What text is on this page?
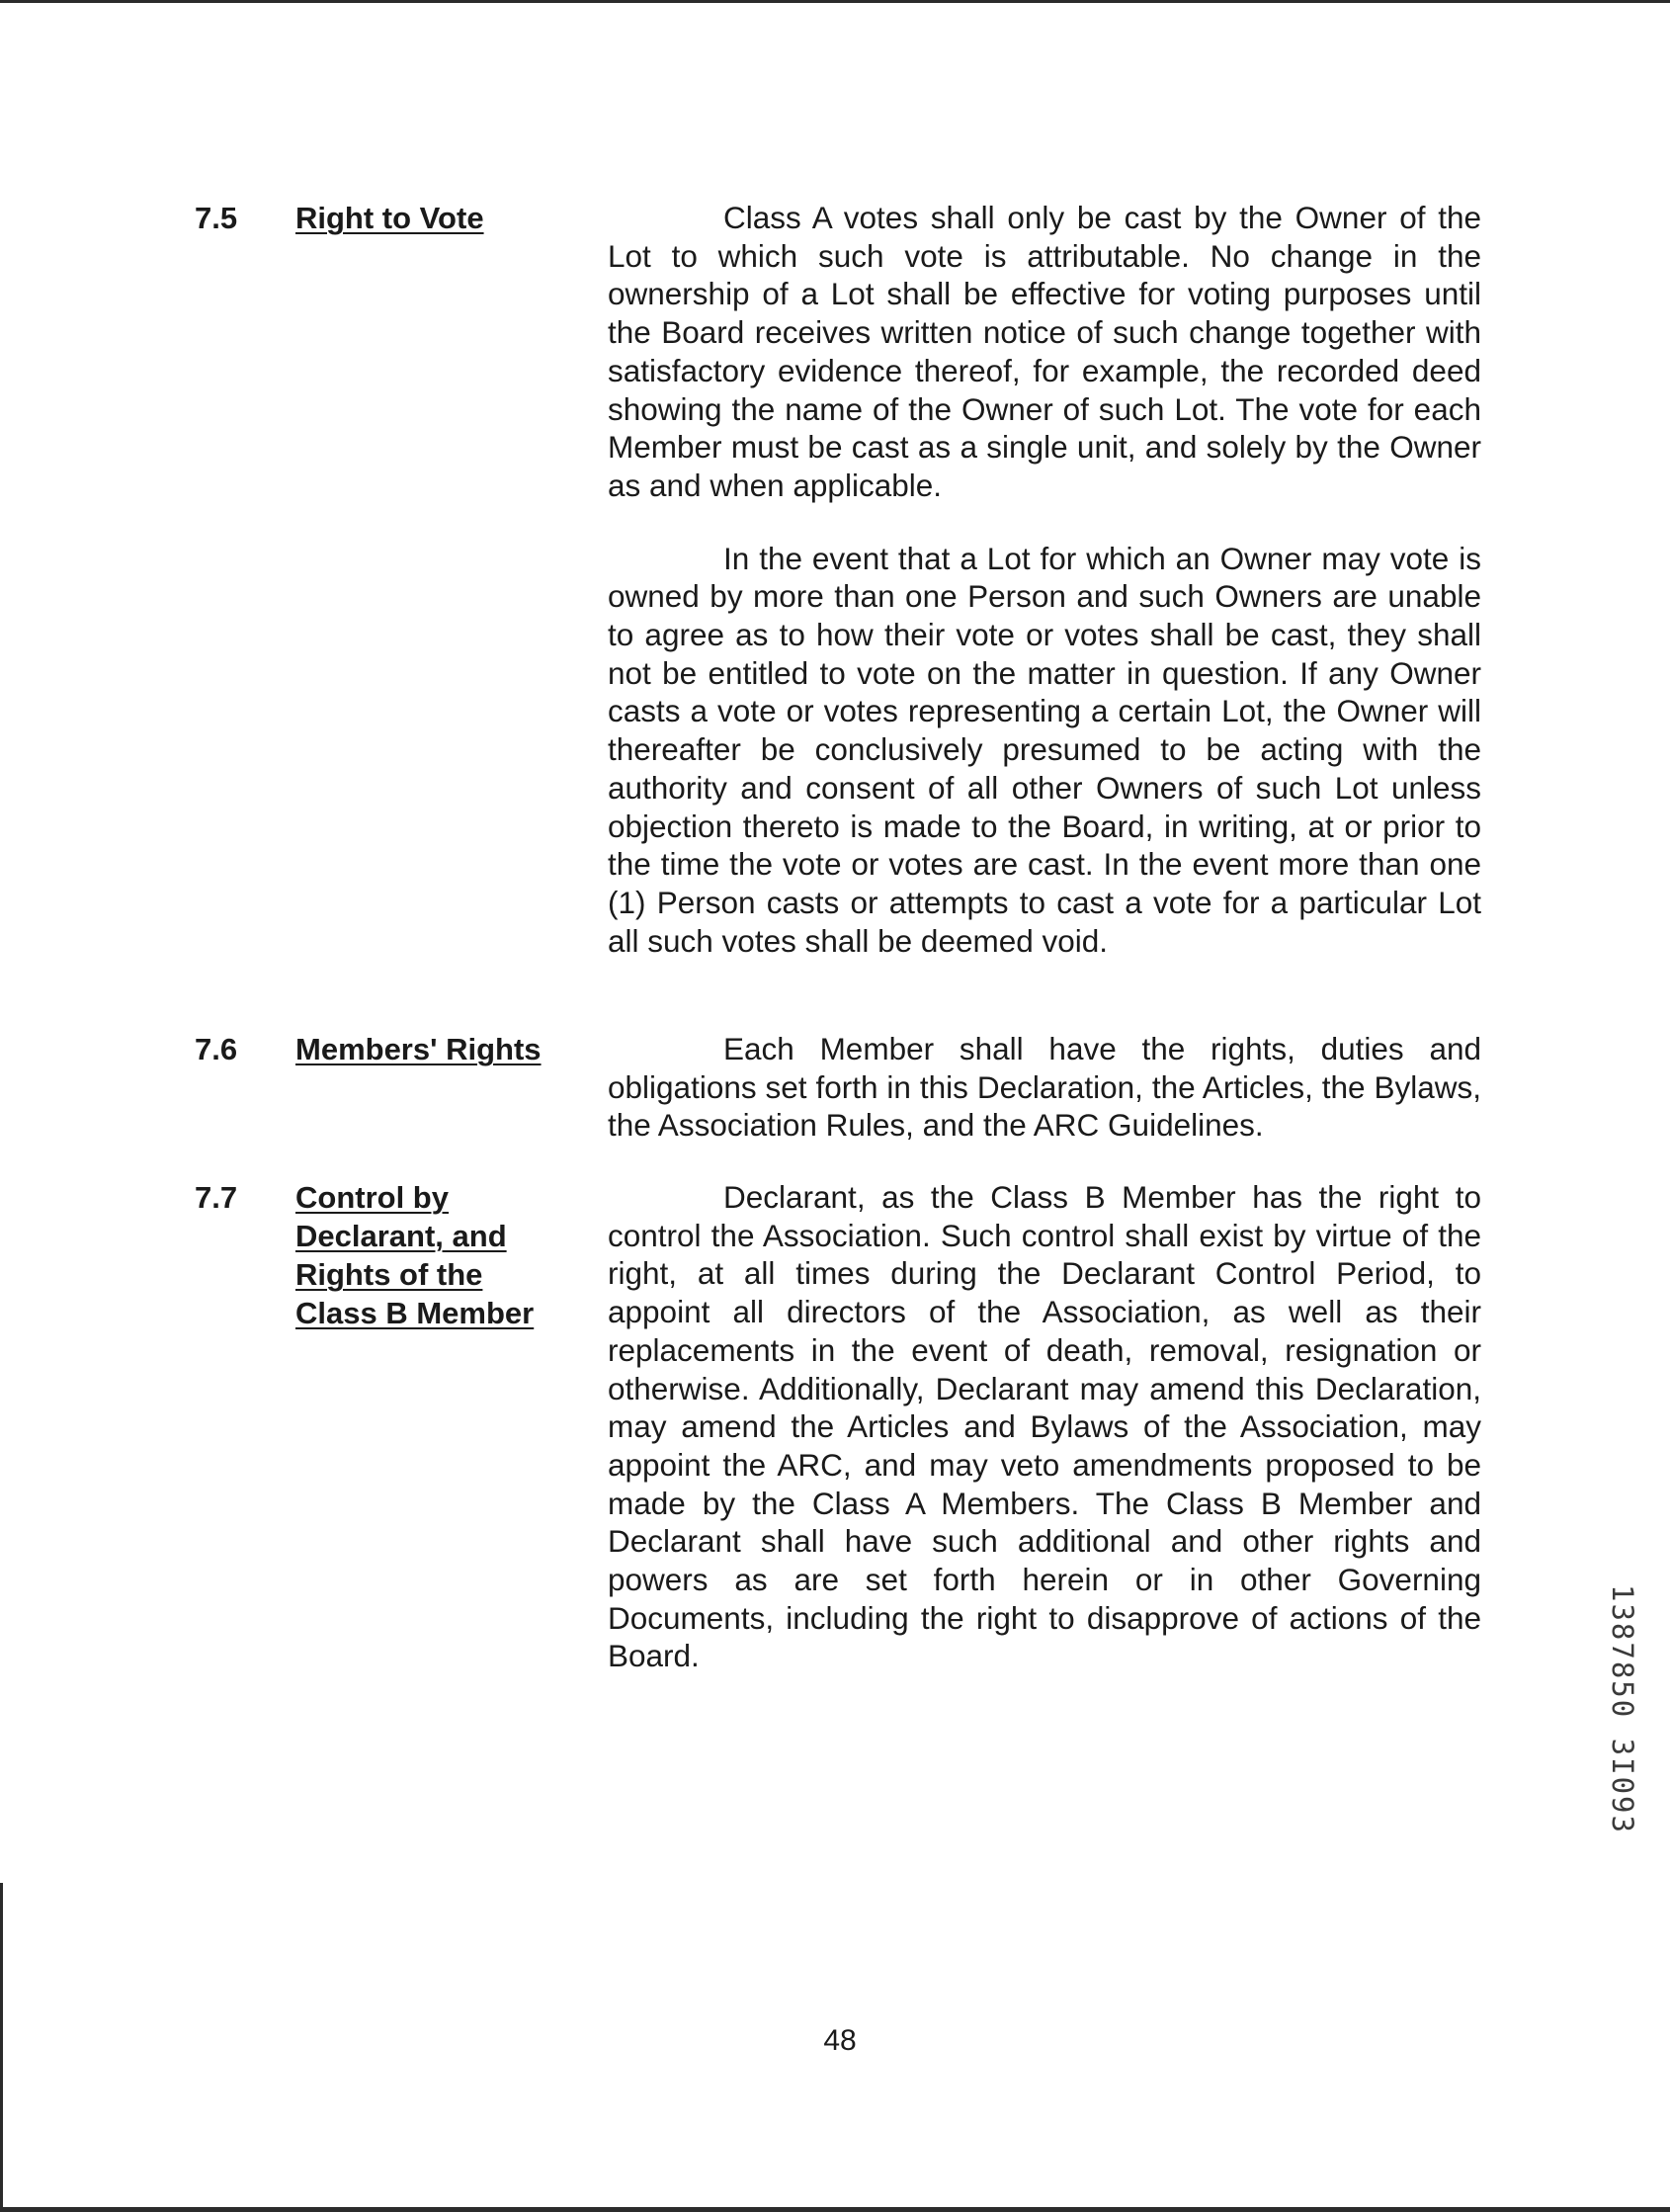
7.5 Right to Vote	Class A votes shall only be cast by the Owner of the Lot to which such vote is attributable. No change in the ownership of a Lot shall be effective for voting purposes until the Board receives written notice of such change together with satisfactory evidence thereof, for example, the recorded deed showing the name of the Owner of such Lot. The vote for each Member must be cast as a single unit, and solely by the Owner as and when applicable.

In the event that a Lot for which an Owner may vote is owned by more than one Person and such Owners are unable to agree as to how their vote or votes shall be cast, they shall not be entitled to vote on the matter in question. If any Owner casts a vote or votes representing a certain Lot, the Owner will thereafter be conclusively presumed to be acting with the authority and consent of all other Owners of such Lot unless objection thereto is made to the Board, in writing, at or prior to the time the vote or votes are cast. In the event more than one (1) Person casts or attempts to cast a vote for a particular Lot all such votes shall be deemed void.

7.6 Members' Rights	Each Member shall have the rights, duties and obligations set forth in this Declaration, the Articles, the Bylaws, the Association Rules, and the ARC Guidelines.

7.7 Control by
Declarant, and
Rights of the
Class B Member

Declarant, as the Class B Member has the right to control the Association. Such control shall exist by virtue of the right, at all times during the Declarant Control Period, to appoint all directors of the Association, as well as their replacements in the event of death, removal, resignation or otherwise. Additionally, Declarant may amend this Declaration, may amend the Articles and Bylaws of the Association, may appoint the ARC, and may veto amendments proposed to be made by the Class A Members. The Class B Member and Declarant shall have such additional and other rights and powers as are set forth herein or in other Governing Documents, including the right to disapprove of actions of the Board.

48
1387850 3I093
